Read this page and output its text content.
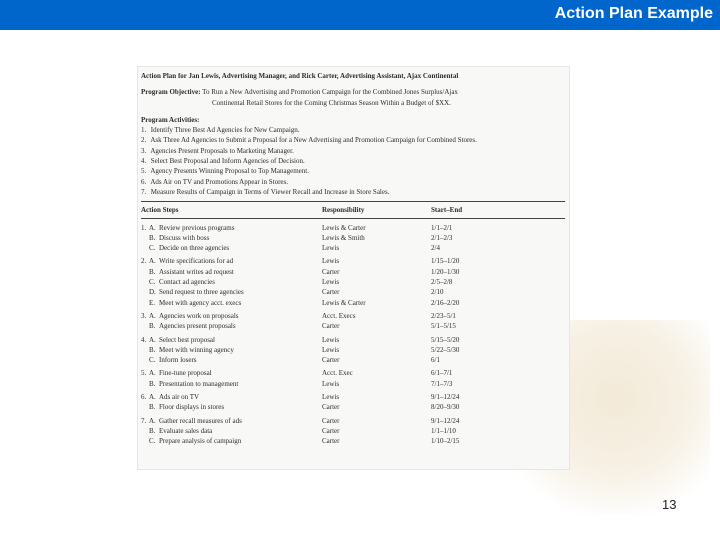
Action Plan Example
Action Plan for Jan Lewis, Advertising Manager, and Rick Carter, Advertising Assistant, Ajax Continental
Program Objective: To Run a New Advertising and Promotion Campaign for the Combined Jones Surplus/Ajax
Continental Retail Stores for the Coming Christmas Season Within a Budget of $XX.
Program Activities:
1. Identify Three Best Ad Agencies for New Campaign.
2. Ask Three Ad Agencies to Submit a Proposal for a New Advertising and Promotion Campaign for Combined Stores.
3. Agencies Present Proposals to Marketing Manager.
4. Select Best Proposal and Inform Agencies of Decision.
5. Agency Presents Winning Proposal to Top Management.
6. Ads Air on TV and Promotions Appear in Stores.
7. Measure Results of Campaign in Terms of Viewer Recall and Increase in Store Sales.
Action Steps	Responsibility	Start–End
1. A. Review previous programs	Lewis & Carter	1/1–2/1
B. Discuss with boss	Lewis & Smith	2/1–2/3
C. Decide on three agencies	Lewis	2/4
2. A. Write specifications for ad	Lewis	1/15–1/20
B. Assistant writes ad request	Carter	1/20–1/30
C. Contact ad agencies	Lewis	2/5–2/8
D. Send request to three agencies	Carter	2/10
E. Meet with agency acct. execs	Lewis & Carter	2/16–2/20
3. A. Agencies work on proposals	Acct. Execs	2/23–5/1
B. Agencies present proposals	Carter	5/1–5/15
4. A. Select best proposal	Lewis	5/15–5/20
B. Meet with winning agency	Lewis	5/22–5/30
C. Inform losers	Carter	6/1
5. A. Fine-tune proposal	Acct. Exec	6/1–7/1
B. Presentation to management	Lewis	7/1–7/3
6. A. Ads air on TV	Lewis	9/1–12/24
B. Floor displays in stores	Carter	8/20–9/30
7. A. Gather recall measures of ads	Carter	9/1–12/24
B. Evaluate sales data	Carter	1/1–1/10
C. Prepare analysis of campaign	Carter	1/10–2/15
13
